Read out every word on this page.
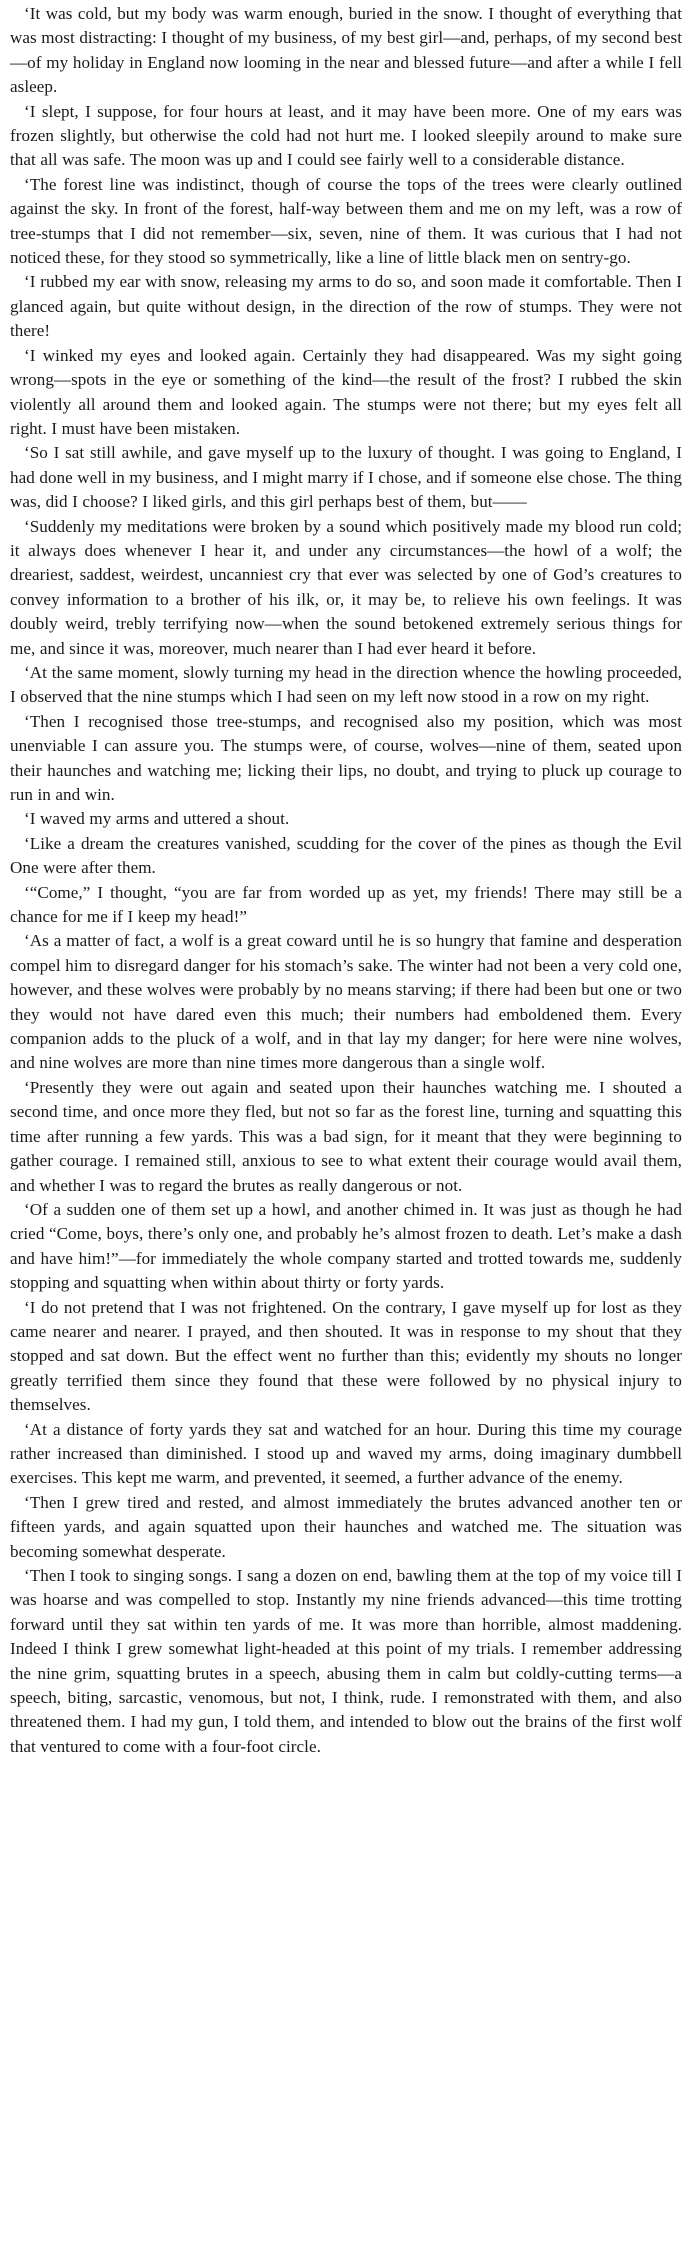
‘It was cold, but my body was warm enough, buried in the snow. I thought of everything that was most distracting: I thought of my business, of my best girl—and, perhaps, of my second best—of my holiday in England now looming in the near and blessed future—and after a while I fell asleep.

‘I slept, I suppose, for four hours at least, and it may have been more. One of my ears was frozen slightly, but otherwise the cold had not hurt me. I looked sleepily around to make sure that all was safe. The moon was up and I could see fairly well to a considerable distance.

‘The forest line was indistinct, though of course the tops of the trees were clearly outlined against the sky. In front of the forest, half-way between them and me on my left, was a row of tree-stumps that I did not remember—six, seven, nine of them. It was curious that I had not noticed these, for they stood so symmetrically, like a line of little black men on sentry-go.

‘I rubbed my ear with snow, releasing my arms to do so, and soon made it comfortable. Then I glanced again, but quite without design, in the direction of the row of stumps. They were not there!

‘I winked my eyes and looked again. Certainly they had disappeared. Was my sight going wrong—spots in the eye or something of the kind—the result of the frost? I rubbed the skin violently all around them and looked again. The stumps were not there; but my eyes felt all right. I must have been mistaken.

‘So I sat still awhile, and gave myself up to the luxury of thought. I was going to England, I had done well in my business, and I might marry if I chose, and if someone else chose. The thing was, did I choose? I liked girls, and this girl perhaps best of them, but——

‘Suddenly my meditations were broken by a sound which positively made my blood run cold; it always does whenever I hear it, and under any circumstances—the howl of a wolf; the dreariest, saddest, weirdest, uncanniest cry that ever was selected by one of God’s creatures to convey information to a brother of his ilk, or, it may be, to relieve his own feelings. It was doubly weird, trebly terrifying now—when the sound betokened extremely serious things for me, and since it was, moreover, much nearer than I had ever heard it before.

‘At the same moment, slowly turning my head in the direction whence the howling proceeded, I observed that the nine stumps which I had seen on my left now stood in a row on my right.

‘Then I recognised those tree-stumps, and recognised also my position, which was most unenviable I can assure you. The stumps were, of course, wolves—nine of them, seated upon their haunches and watching me; licking their lips, no doubt, and trying to pluck up courage to run in and win.

‘I waved my arms and uttered a shout.

‘Like a dream the creatures vanished, scudding for the cover of the pines as though the Evil One were after them.

‘“Come,” I thought, “you are far from worded up as yet, my friends! There may still be a chance for me if I keep my head!”

‘As a matter of fact, a wolf is a great coward until he is so hungry that famine and desperation compel him to disregard danger for his stomach’s sake. The winter had not been a very cold one, however, and these wolves were probably by no means starving; if there had been but one or two they would not have dared even this much; their numbers had emboldened them. Every companion adds to the pluck of a wolf, and in that lay my danger; for here were nine wolves, and nine wolves are more than nine times more dangerous than a single wolf.

‘Presently they were out again and seated upon their haunches watching me. I shouted a second time, and once more they fled, but not so far as the forest line, turning and squatting this time after running a few yards. This was a bad sign, for it meant that they were beginning to gather courage. I remained still, anxious to see to what extent their courage would avail them, and whether I was to regard the brutes as really dangerous or not.

‘Of a sudden one of them set up a howl, and another chimed in. It was just as though he had cried “Come, boys, there’s only one, and probably he’s almost frozen to death. Let’s make a dash and have him!”—for immediately the whole company started and trotted towards me, suddenly stopping and squatting when within about thirty or forty yards.

‘I do not pretend that I was not frightened. On the contrary, I gave myself up for lost as they came nearer and nearer. I prayed, and then shouted. It was in response to my shout that they stopped and sat down. But the effect went no further than this; evidently my shouts no longer greatly terrified them since they found that these were followed by no physical injury to themselves.

‘At a distance of forty yards they sat and watched for an hour. During this time my courage rather increased than diminished. I stood up and waved my arms, doing imaginary dumbbell exercises. This kept me warm, and prevented, it seemed, a further advance of the enemy.

‘Then I grew tired and rested, and almost immediately the brutes advanced another ten or fifteen yards, and again squatted upon their haunches and watched me. The situation was becoming somewhat desperate.

‘Then I took to singing songs. I sang a dozen on end, bawling them at the top of my voice till I was hoarse and was compelled to stop. Instantly my nine friends advanced—this time trotting forward until they sat within ten yards of me. It was more than horrible, almost maddening. Indeed I think I grew somewhat light-headed at this point of my trials. I remember addressing the nine grim, squatting brutes in a speech, abusing them in calm but coldly-cutting terms—a speech, biting, sarcastic, venomous, but not, I think, rude. I remonstrated with them, and also threatened them. I had my gun, I told them, and intended to blow out the brains of the first wolf that ventured to come with a four-foot circle.
